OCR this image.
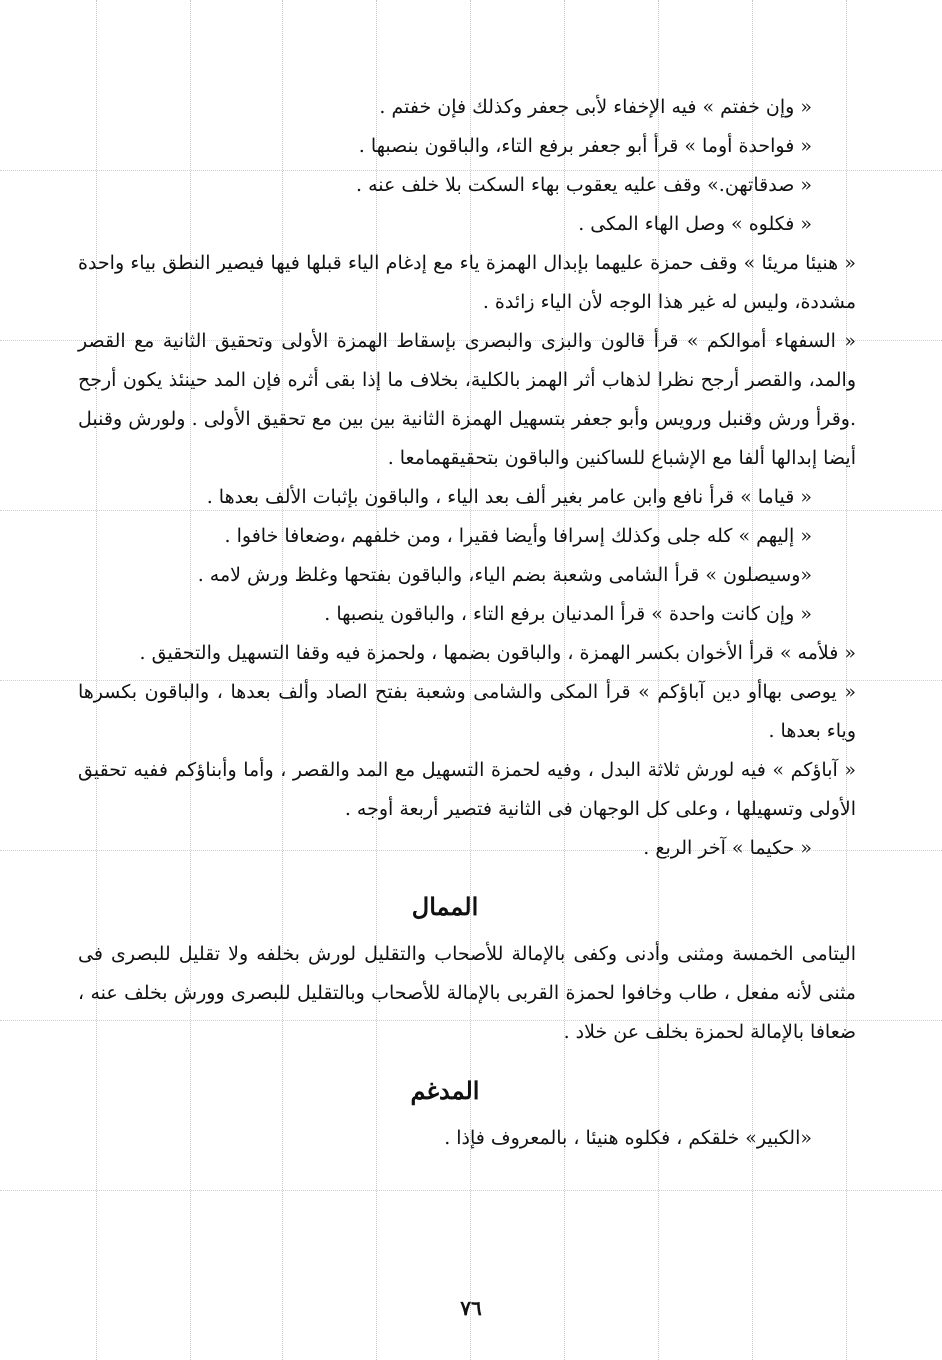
« وإن خفتم » فيه الإخفاء لأبى جعفر وكذلك فإن خفتم .

« فواحدة أوما » قرأ أبو جعفر برفع التاء، والباقون بنصبها .

« صدقاتهن.» وقف عليه يعقوب بهاء السكت بلا خلف عنه .

« فكلوه » وصل الهاء المكى .

« هنيئا مريئا » وقف حمزة عليهما بإبدال الهمزة ياء مع إدغام الياء قبلها فيها فيصير النطق بياء واحدة مشددة، وليس له غير هذا الوجه لأن الياء زائدة .

« السفهاء أموالكم » قرأ قالون والبزى والبصرى بإسقاط الهمزة الأولى وتحقيق الثانية مع القصر والمد، والقصر أرجح نظرا لذهاب أثر الهمز بالكلية، بخلاف ما إذا بقى أثره فإن المد حينئذ يكون أرجح .وقرأ ورش وقنبل ورويس وأبو جعفر بتسهيل الهمزة الثانية بين بين مع تحقيق الأولى . ولورش وقنبل أيضا إبدالها ألفا مع الإشباع للساكنين والباقون بتحقيقهمامعا .

« قياما » قرأ نافع وابن عامر بغير ألف بعد الياء ، والباقون بإثبات الألف بعدها .

« إليهم » كله جلى وكذلك إسرافا وأيضا فقيرا ، ومن خلفهم ،وضعافا خافوا .

«وسيصلون » قرأ الشامى وشعبة بضم الياء، والباقون بفتحها وغلظ ورش لامه .

« وإن كانت واحدة » قرأ المدنيان برفع التاء ، والباقون ينصبها .

« فلأمه » قرأ الأخوان بكسر الهمزة ، والباقون بضمها ، ولحمزة فيه وقفا التسهيل والتحقيق .

« يوصى بهاأو دين آباؤكم » قرأ المكى والشامى وشعبة بفتح الصاد وألف بعدها ، والباقون بكسرها وياء بعدها .

« آباؤكم » فيه لورش ثلاثة البدل ، وفيه لحمزة التسهيل مع المد والقصر ، وأما وأبناؤكم ففيه تحقيق الأولى وتسهيلها ، وعلى كل الوجهان فى الثانية فتصير أربعة أوجه .

« حكيما » آخر الربع .

الممال

اليتامى الخمسة ومثنى وأدنى وكفى بالإمالة للأصحاب والتقليل لورش بخلفه ولا تقليل للبصرى فى مثنى لأنه مفعل ، طاب وخافوا لحمزة القربى بالإمالة للأصحاب وبالتقليل للبصرى وورش بخلف عنه ، ضعافا بالإمالة لحمزة بخلف عن خلاد .

المدغم

«الكبير» خلقكم ، فكلوه هنيئا ، بالمعروف فإذا .

٧٦
